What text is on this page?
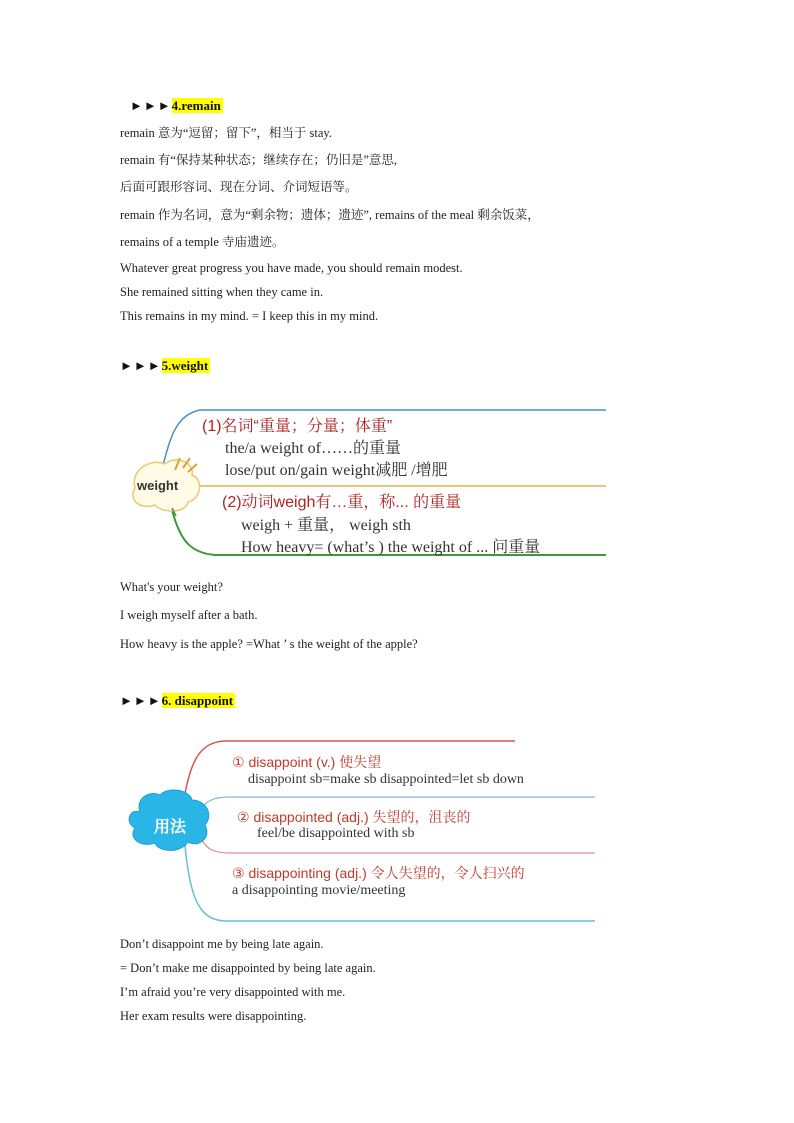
►►►4.remain
remain 意为“逗留；留下”，相当于 stay.
remain 有“保持某种状态；继续存在；仍旧是”意思,
后面可跟形容词、现在分词、介词短语等。
remain 作为名词，意为“剩余物；遗体；遗迹”, remains of the meal 剩余饭菜，
remains of a temple 寺庙遗迹。
Whatever great progress you have made, you should remain modest.
She remained sitting when they came in.
This remains in my mind. = I keep this in my mind.
►►►5.weight
weight
(1)名词“重量；分量；体重”
the/a weight of……的重量
lose/put on/gain weight减肥 /增肥
(2)动词weigh有…重，称... 的重量
weigh + 重量， weigh sth
How heavy= (what’s ) the weight of ... 问重量
What's your weight?
I weigh myself after a bath.
How heavy is the apple? =What ’ s the weight of the apple?
►►►6. disappoint
用法
① disappoint (v.) 使失望
disappoint sb=make sb disappointed=let sb down
② disappointed (adj.) 失望的，沮丧的
feel/be disappointed with sb
③ disappointing (adj.) 令人失望的，令人扫兴的
a disappointing movie/meeting
Don’t disappoint me by being late again.
= Don’t make me disappointed by being late again.
I’m afraid you’re very disappointed with me.
Her exam results were disappointing.
